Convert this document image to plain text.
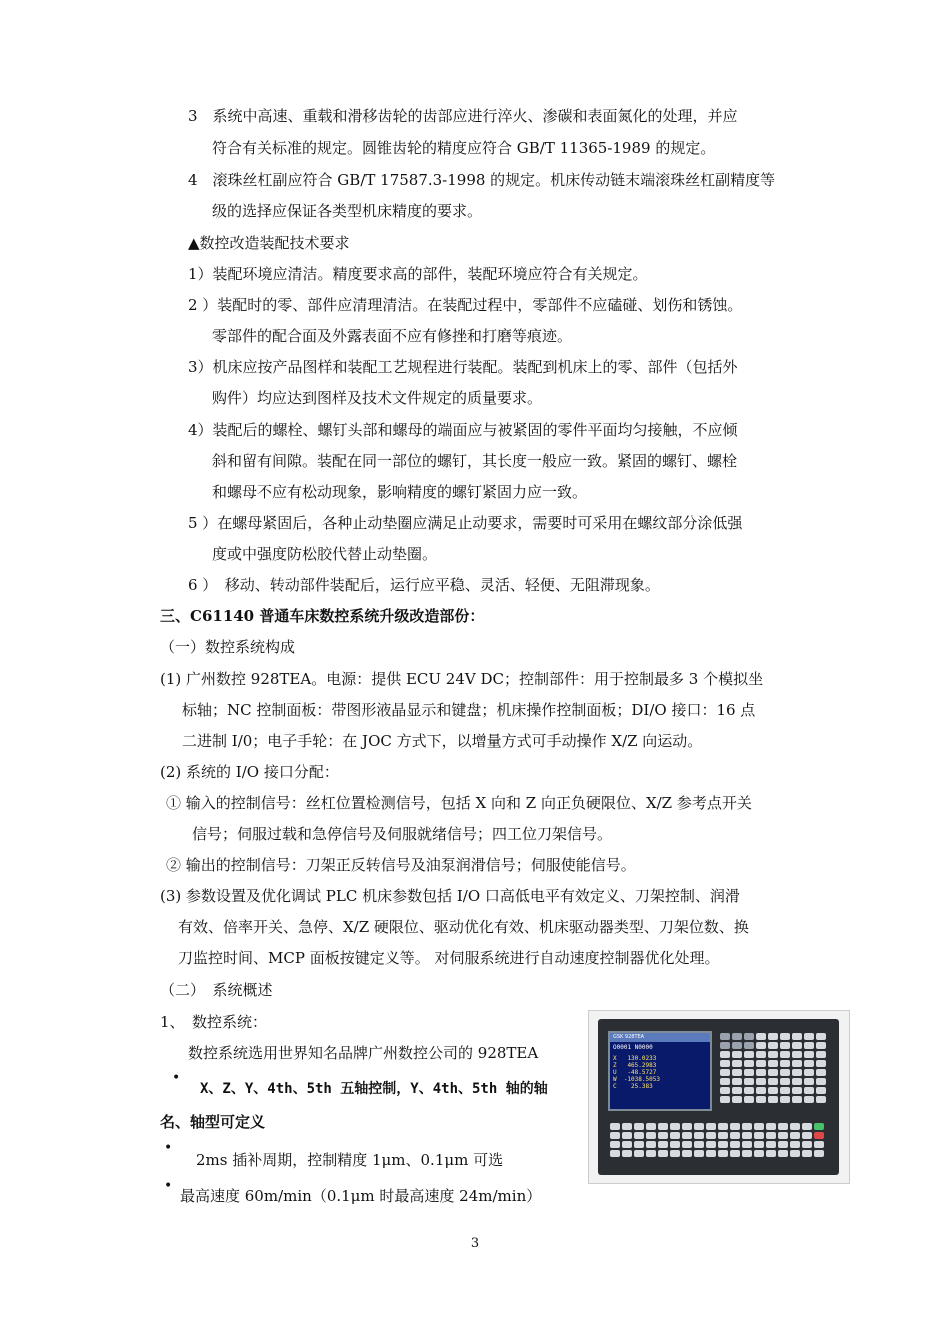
3　系统中高速、重载和滑移齿轮的齿部应进行淬火、渗碳和表面氮化的处理，并应
符合有关标准的规定。圆锥齿轮的精度应符合 GB/T 11365-1989 的规定。
4　滚珠丝杠副应符合 GB/T 17587.3-1998 的规定。机床传动链末端滚珠丝杠副精度等
级的选择应保证各类型机床精度的要求。
▲数控改造装配技术要求
1）装配环境应清洁。精度要求高的部件，装配环境应符合有关规定。
2 ）装配时的零、部件应清理清洁。在装配过程中，零部件不应磕碰、划伤和锈蚀。
零部件的配合面及外露表面不应有修挫和打磨等痕迹。
3）机床应按产品图样和装配工艺规程进行装配。装配到机床上的零、部件（包括外
购件）均应达到图样及技术文件规定的质量要求。
4）装配后的螺栓、螺钉头部和螺母的端面应与被紧固的零件平面均匀接触，不应倾
斜和留有间隙。装配在同一部位的螺钉，其长度一般应一致。紧固的螺钉、螺栓
和螺母不应有松动现象，影响精度的螺钉紧固力应一致。
5 ）在螺母紧固后，各种止动垫圈应满足止动要求，需要时可采用在螺纹部分涂低强
度或中强度防松胶代替止动垫圈。
6 ）　移动、转动部件装配后，运行应平稳、灵活、轻便、无阻滞现象。
三、C61140 普通车床数控系统升级改造部份：
（一）数控系统构成
(1) 广州数控 928TEA。电源：提供 ECU 24V DC；控制部件：用于控制最多 3 个模拟坐
标轴；NC 控制面板：带图形液晶显示和键盘；机床操作控制面板；DI/O 接口：16 点
二进制 I/0；电子手轮：在 JOC 方式下，以增量方式可手动操作 X/Z 向运动。
(2) 系统的 I/O 接口分配：
① 输入的控制信号：丝杠位置检测信号，包括 X 向和 Z 向正负硬限位、X/Z 参考点开关
信号；伺服过载和急停信号及伺服就绪信号；四工位刀架信号。
② 输出的控制信号：刀架正反转信号及油泵润滑信号；伺服使能信号。
(3) 参数设置及优化调试 PLC 机床参数包括 I/O 口高低电平有效定义、刀架控制、润滑
有效、倍率开关、急停、X/Z 硬限位、驱动优化有效、机床驱动器类型、刀架位数、换
刀监控时间、MCP 面板按键定义等。 对伺服系统进行自动速度控制器优化处理。
（二）　系统概述
1、　数控系统：
数控系统选用世界知名品牌广州数控公司的 928TEA
•
X、Z、Y、4th、5th 五轴控制，Y、4th、5th 轴的轴
名、轴型可定义
•
2ms 插补周期，控制精度 1μm、0.1μm 可选
•
最高速度 60m/min（0.1μm 时最高速度 24m/min）
GSK 928TEA
O0001 N0000
X   130.0233
Z   465.2983
U   -48.5727
W  -1038.5053
C    25.383
3
